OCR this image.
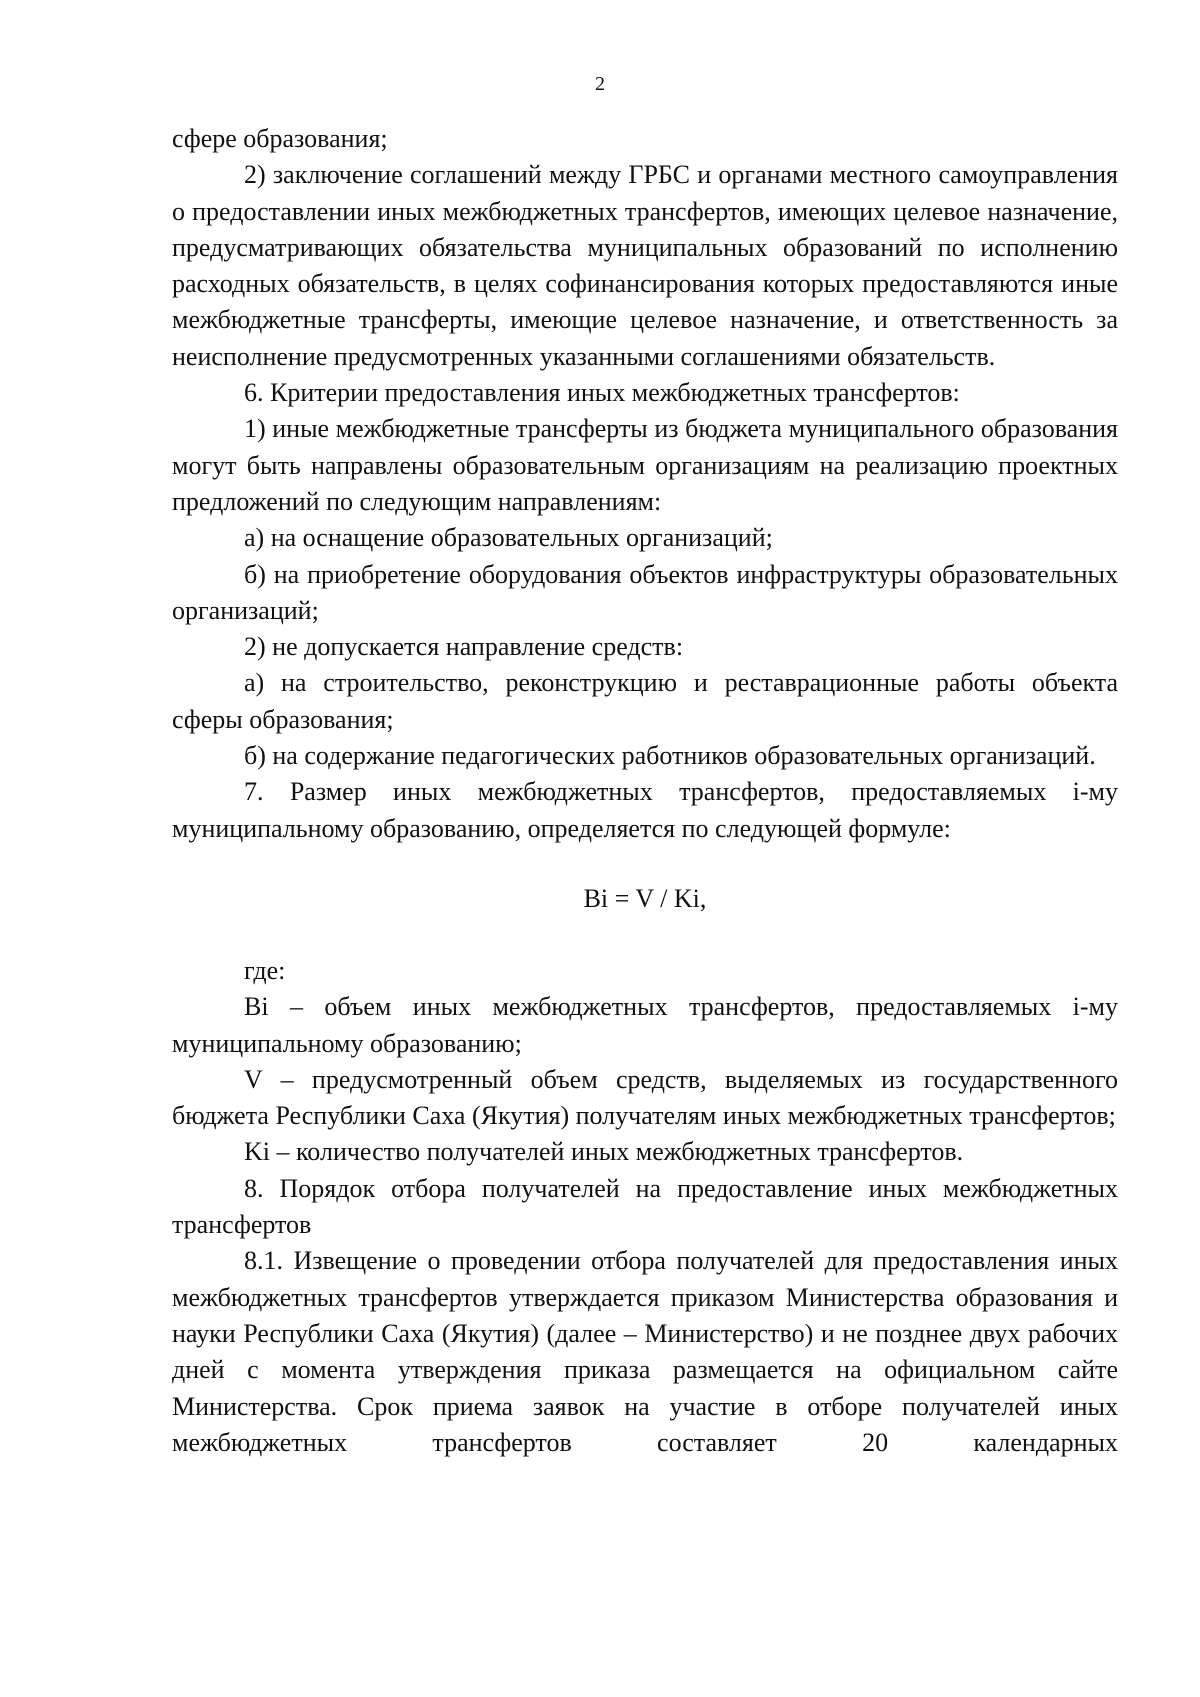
2

сфере образования;

2) заключение соглашений между ГРБС и органами местного самоуправления о предоставлении иных межбюджетных трансфертов, имеющих целевое назначение, предусматривающих обязательства муниципальных образований по исполнению расходных обязательств, в целях софинансирования которых предоставляются иные межбюджетные трансферты, имеющие целевое назначение, и ответственность за неисполнение предусмотренных указанными соглашениями обязательств.

6. Критерии предоставления иных межбюджетных трансфертов:

1) иные межбюджетные трансферты из бюджета муниципального образования могут быть направлены образовательным организациям на реализацию проектных предложений по следующим направлениям:

а) на оснащение образовательных организаций;

б) на приобретение оборудования объектов инфраструктуры образовательных организаций;

2) не допускается направление средств:

а) на строительство, реконструкцию и реставрационные работы объекта сферы образования;

б) на содержание педагогических работников образовательных организаций.

7. Размер иных межбюджетных трансфертов, предоставляемых i-му муниципальному образованию, определяется по следующей формуле:

Bi = V / Ki,

где:

Bi – объем иных межбюджетных трансфертов, предоставляемых i-му муниципальному образованию;

V – предусмотренный объем средств, выделяемых из государственного бюджета Республики Саха (Якутия) получателям иных межбюджетных трансфертов;

Ki – количество получателей иных межбюджетных трансфертов.

8. Порядок отбора получателей на предоставление иных межбюджетных трансфертов

8.1. Извещение о проведении отбора получателей для предоставления иных межбюджетных трансфертов утверждается приказом Министерства образования и науки Республики Саха (Якутия) (далее – Министерство) и не позднее двух рабочих дней с момента утверждения приказа размещается на официальном сайте Министерства. Срок приема заявок на участие в отборе получателей иных межбюджетных трансфертов составляет 20 календарных
